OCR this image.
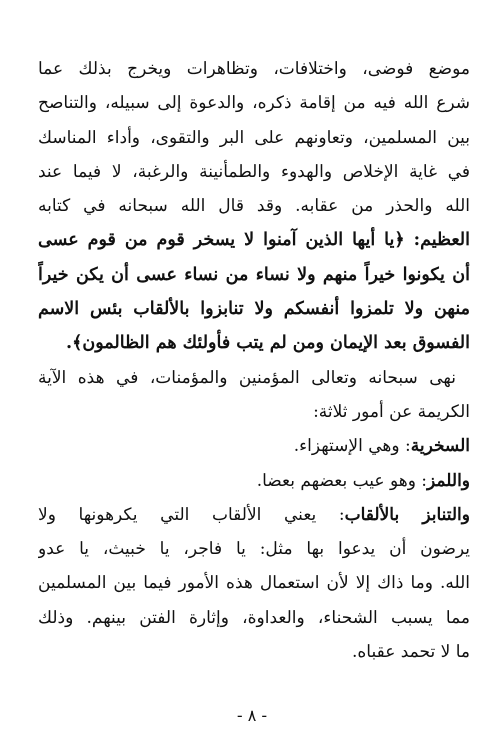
موضع فوضى، واختلافات، وتظاهرات ويخرج بذلك عما
شرع الله فيه من إقامة ذكره، والدعوة إلى سبيله، والتناصح
بين المسلمين، وتعاونهم على البر والتقوى، وأداء المناسك
في غاية الإخلاص والهدوء والطمأنينة والرغبة، لا فيما عند
الله والحذر من عقابه. وقد قال الله سبحانه في كتابه
العظيم: ﴿يا أيها الذين آمنوا لا يسخر قوم من قوم عسى
أن يكونوا خيراً منهم ولا نساء من نساء عسى أن يكن خيراً
منهن ولا تلمزوا أنفسكم ولا تنابزوا بالألقاب بئس الاسم
الفسوق بعد الإيمان ومن لم يتب فأولئك هم الظالمون﴾.
نهى سبحانه وتعالى المؤمنين والمؤمنات، في هذه الآية
الكريمة عن أمور ثلاثة:
السخرية: وهي الإستهزاء.
واللمز: وهو عيب بعضهم بعضا.
والتنابز بالألقاب: يعني الألقاب التي يكرهونها ولا
يرضون أن يدعوا بها مثل: يا فاجر، يا خبيث، يا عدو
الله. وما ذاك إلا لأن استعمال هذه الأمور فيما بين المسلمين
مما يسبب الشحناء، والعداوة، وإثارة الفتن بينهم. وذلك
ما لا تحمد عقباه.
- ٨ -
